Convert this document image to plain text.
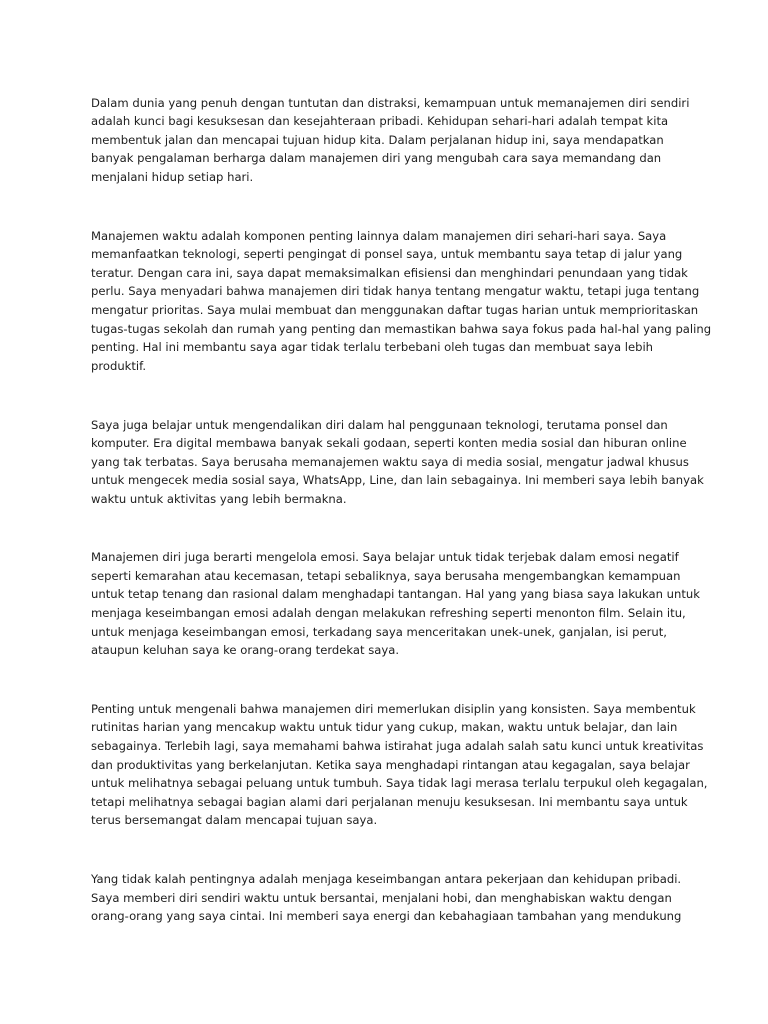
Dalam dunia yang penuh dengan tuntutan dan distraksi, kemampuan untuk memanajemen diri sendiri

adalah kunci bagi kesuksesan dan kesejahteraan pribadi. Kehidupan sehari-hari adalah tempat kita

membentuk jalan dan mencapai tujuan hidup kita. Dalam perjalanan hidup ini, saya mendapatkan

banyak pengalaman berharga dalam manajemen diri yang mengubah cara saya memandang dan

menjalani hidup setiap hari.

Manajemen waktu adalah komponen penting lainnya dalam manajemen diri sehari-hari saya. Saya

memanfaatkan teknologi, seperti pengingat di ponsel saya, untuk membantu saya tetap di jalur yang

teratur. Dengan cara ini, saya dapat memaksimalkan efisiensi dan menghindari penundaan yang tidak

perlu. Saya menyadari bahwa manajemen diri tidak hanya tentang mengatur waktu, tetapi juga tentang

mengatur prioritas. Saya mulai membuat dan menggunakan daftar tugas harian untuk memprioritaskan

tugas-tugas sekolah dan rumah yang penting dan memastikan bahwa saya fokus pada hal-hal yang paling

penting. Hal ini membantu saya agar tidak terlalu terbebani oleh tugas dan membuat saya lebih

produktif.

Saya juga belajar untuk mengendalikan diri dalam hal penggunaan teknologi, terutama ponsel dan

komputer. Era digital membawa banyak sekali godaan, seperti konten media sosial dan hiburan online

yang tak terbatas. Saya berusaha memanajemen waktu saya di media sosial, mengatur jadwal khusus

untuk mengecek media sosial saya, WhatsApp, Line, dan lain sebagainya. Ini memberi saya lebih banyak

waktu untuk aktivitas yang lebih bermakna.

Manajemen diri juga berarti mengelola emosi. Saya belajar untuk tidak terjebak dalam emosi negatif

seperti kemarahan atau kecemasan, tetapi sebaliknya, saya berusaha mengembangkan kemampuan

untuk tetap tenang dan rasional dalam menghadapi tantangan. Hal yang yang biasa saya lakukan untuk

menjaga keseimbangan emosi adalah dengan melakukan refreshing seperti menonton film. Selain itu,

untuk menjaga keseimbangan emosi, terkadang saya menceritakan unek-unek, ganjalan, isi perut,

ataupun keluhan saya ke orang-orang terdekat saya.

Penting untuk mengenali bahwa manajemen diri memerlukan disiplin yang konsisten. Saya membentuk

rutinitas harian yang mencakup waktu untuk tidur yang cukup, makan, waktu untuk belajar, dan lain

sebagainya. Terlebih lagi, saya memahami bahwa istirahat juga adalah salah satu kunci untuk kreativitas

dan produktivitas yang berkelanjutan. Ketika saya menghadapi rintangan atau kegagalan, saya belajar

untuk melihatnya sebagai peluang untuk tumbuh. Saya tidak lagi merasa terlalu terpukul oleh kegagalan,

tetapi melihatnya sebagai bagian alami dari perjalanan menuju kesuksesan. Ini membantu saya untuk

terus bersemangat dalam mencapai tujuan saya.

Yang tidak kalah pentingnya adalah menjaga keseimbangan antara pekerjaan dan kehidupan pribadi.

Saya memberi diri sendiri waktu untuk bersantai, menjalani hobi, dan menghabiskan waktu dengan

orang-orang yang saya cintai. Ini memberi saya energi dan kebahagiaan tambahan yang mendukung
